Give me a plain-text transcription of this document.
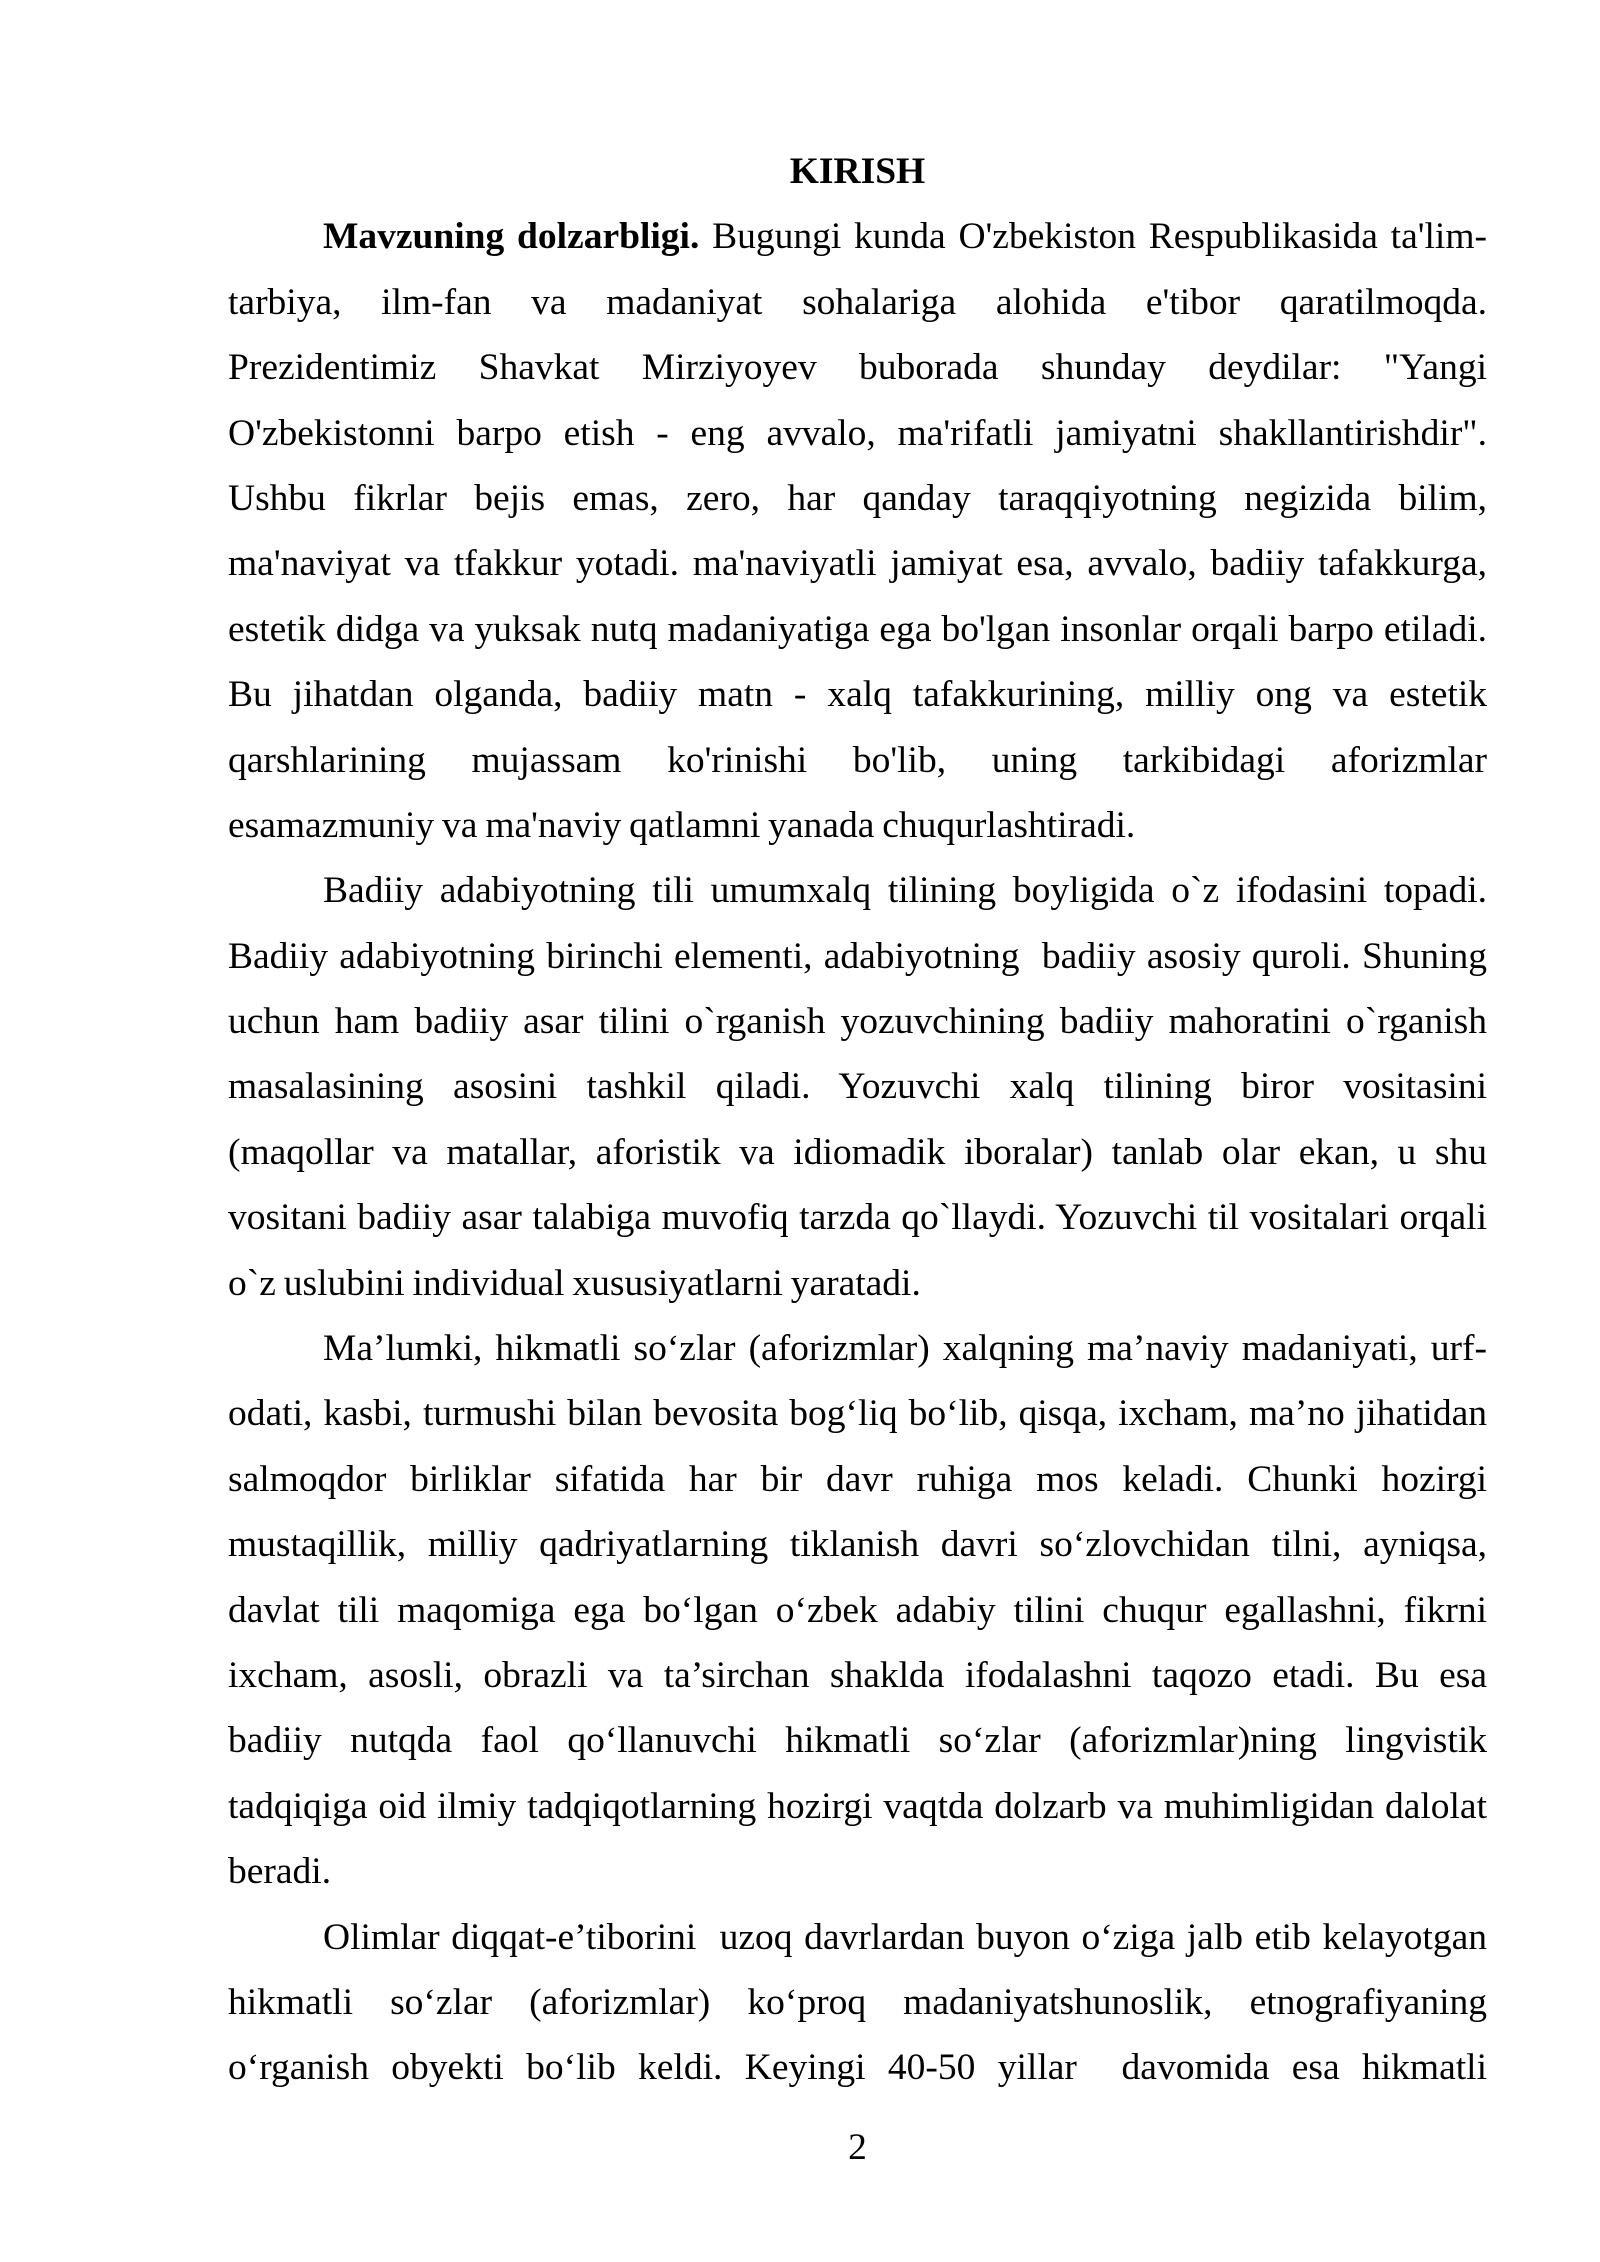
KIRISH
Mavzuning dolzarbligi. Bugungi kunda O'zbekiston Respublikasida ta'lim-
tarbiya, ilm-fan va madaniyat sohalariga alohida e'tibor qaratilmoqda.
Prezidentimiz Shavkat Mirziyoyev buborada shunday deydilar: "Yangi
O'zbekistonni barpo etish - eng avvalo, ma'rifatli jamiyatni shakllantirishdir".
Ushbu fikrlar bejis emas, zero, har qanday taraqqiyotning negizida bilim,
ma'naviyat va tfakkur yotadi. ma'naviyatli jamiyat esa, avvalo, badiiy tafakkurga,
estetik didga va yuksak nutq madaniyatiga ega bo'lgan insonlar orqali barpo etiladi.
Bu jihatdan olganda, badiiy matn - xalq tafakkurining, milliy ong va estetik
qarshlarining mujassam ko'rinishi bo'lib, uning tarkibidagi aforizmlar
esamazmuniy va ma'naviy qatlamni yanada chuqurlashtiradi.
Badiiy adabiyotning tili umumxalq tilining boyligida o`z ifodasini topadi.
Badiiy adabiyotning birinchi elementi, adabiyotning  badiiy asosiy quroli. Shuning
uchun ham badiiy asar tilini o`rganish yozuvchining badiiy mahoratini o`rganish
masalasining asosini tashkil qiladi. Yozuvchi xalq tilining biror vositasini
(maqollar va matallar, aforistik va idiomadik iboralar) tanlab olar ekan, u shu
vositani badiiy asar talabiga muvofiq tarzda qo`llaydi. Yozuvchi til vositalari orqali
o`z uslubini individual xususiyatlarni yaratadi.
Ma’lumki, hikmatli so‘zlar (aforizmlar) xalqning ma’naviy madaniyati, urf-
odati, kasbi, turmushi bilan bevosita bog‘liq bo‘lib, qisqa, ixcham, ma’no jihatidan
salmoqdor birliklar sifatida har bir davr ruhiga mos keladi. Chunki hozirgi
mustaqillik, milliy qadriyatlarning tiklanish davri so‘zlovchidan tilni, ayniqsa,
davlat tili maqomiga ega bo‘lgan o‘zbek adabiy tilini chuqur egallashni, fikrni
ixcham, asosli, obrazli va ta’sirchan shaklda ifodalashni taqozo etadi. Bu esa
badiiy nutqda faol qo‘llanuvchi hikmatli so‘zlar (aforizmlar)ning lingvistik
tadqiqiga oid ilmiy tadqiqotlarning hozirgi vaqtda dolzarb va muhimligidan dalolat
beradi.
Olimlar diqqat-e’tiborini  uzoq davrlardan buyon o‘ziga jalb etib kelayotgan
hikmatli so‘zlar (aforizmlar) ko‘proq madaniyatshunoslik, etnografiyaning
o‘rganish obyekti bo‘lib keldi. Keyingi 40-50 yillar  davomida esa hikmatli
2
